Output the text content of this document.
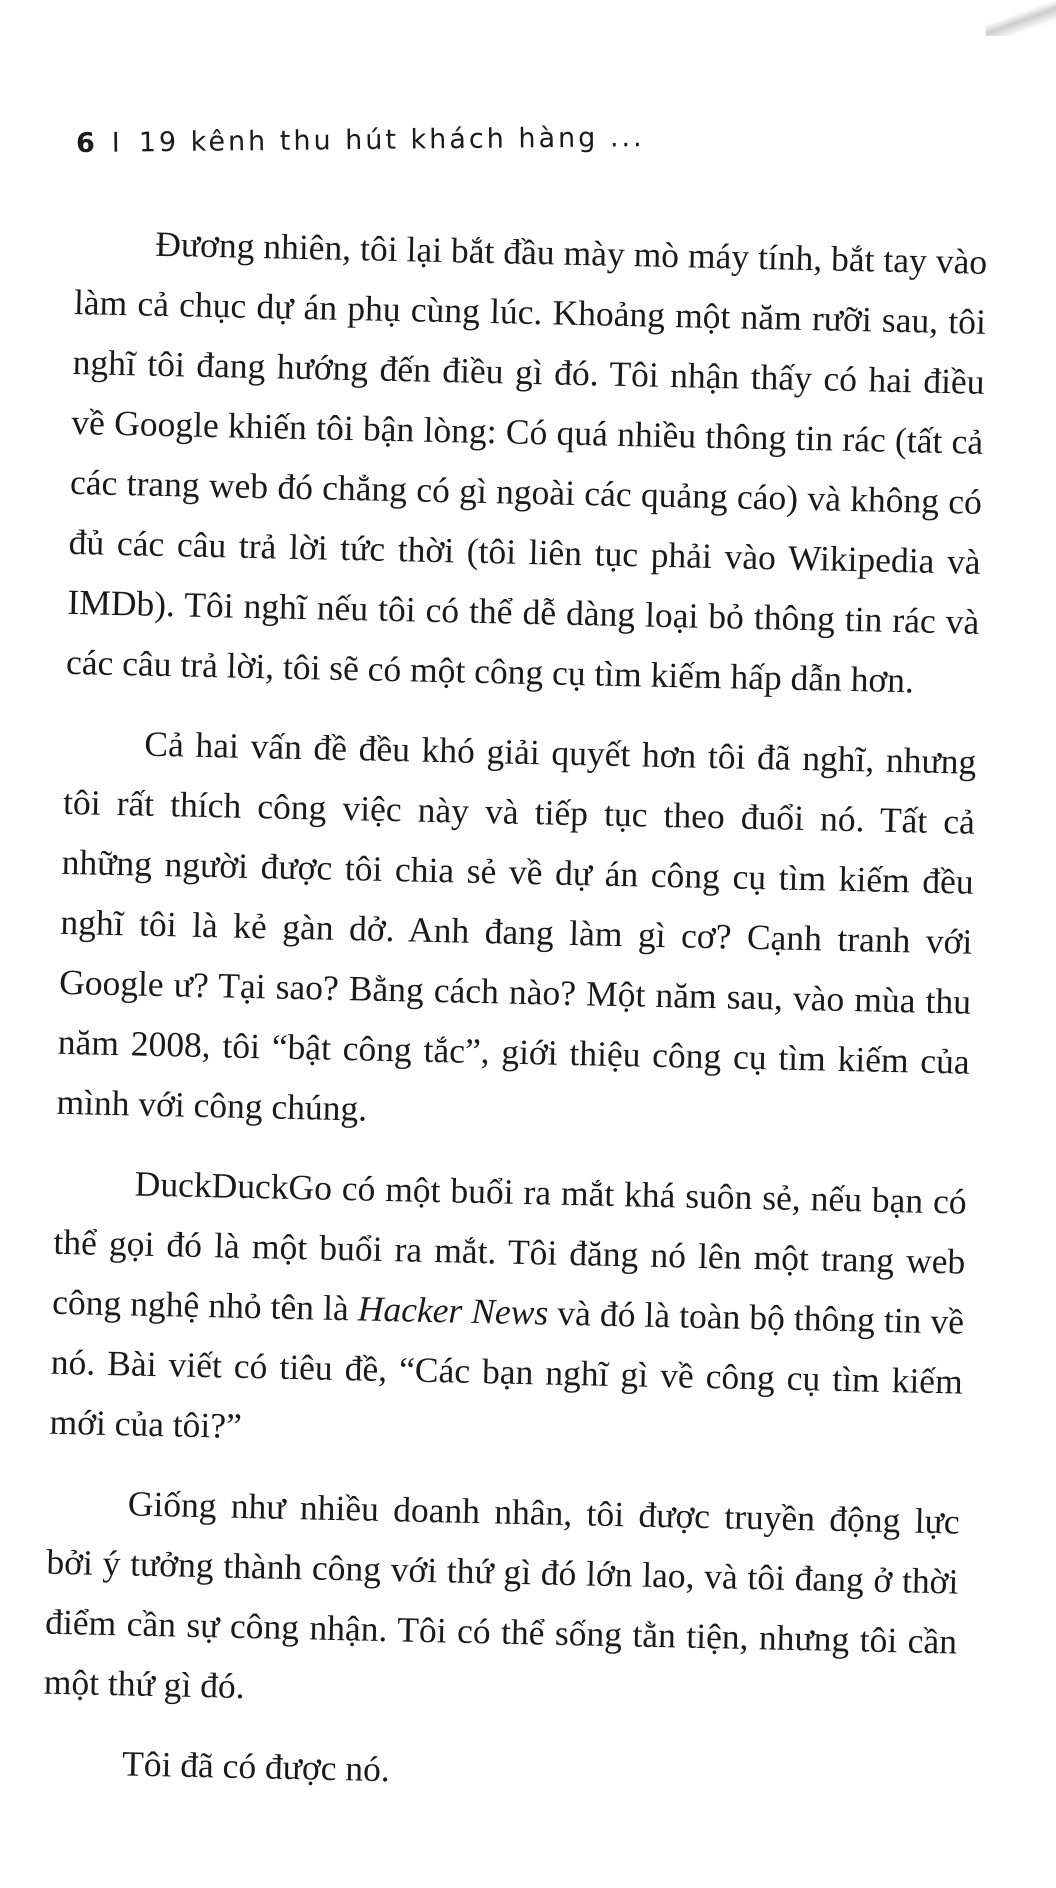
6 I 19 kênh thu hút khách hàng ...

Đương nhiên, tôi lại bắt đầu mày mò máy tính, bắt tay vào làm cả chục dự án phụ cùng lúc. Khoảng một năm rưỡi sau, tôi nghĩ tôi đang hướng đến điều gì đó. Tôi nhận thấy có hai điều về Google khiến tôi bận lòng: Có quá nhiều thông tin rác (tất cả các trang web đó chẳng có gì ngoài các quảng cáo) và không có đủ các câu trả lời tức thời (tôi liên tục phải vào Wikipedia và IMDb). Tôi nghĩ nếu tôi có thể dễ dàng loại bỏ thông tin rác và các câu trả lời, tôi sẽ có một công cụ tìm kiếm hấp dẫn hơn.

Cả hai vấn đề đều khó giải quyết hơn tôi đã nghĩ, nhưng tôi rất thích công việc này và tiếp tục theo đuổi nó. Tất cả những người được tôi chia sẻ về dự án công cụ tìm kiếm đều nghĩ tôi là kẻ gàn dở. Anh đang làm gì cơ? Cạnh tranh với Google ư? Tại sao? Bằng cách nào? Một năm sau, vào mùa thu năm 2008, tôi “bật công tắc”, giới thiệu công cụ tìm kiếm của mình với công chúng.

DuckDuckGo có một buổi ra mắt khá suôn sẻ, nếu bạn có thể gọi đó là một buổi ra mắt. Tôi đăng nó lên một trang web công nghệ nhỏ tên là Hacker News và đó là toàn bộ thông tin về nó. Bài viết có tiêu đề, “Các bạn nghĩ gì về công cụ tìm kiếm mới của tôi?”

Giống như nhiều doanh nhân, tôi được truyền động lực bởi ý tưởng thành công với thứ gì đó lớn lao, và tôi đang ở thời điểm cần sự công nhận. Tôi có thể sống tằn tiện, nhưng tôi cần một thứ gì đó.

Tôi đã có được nó.
